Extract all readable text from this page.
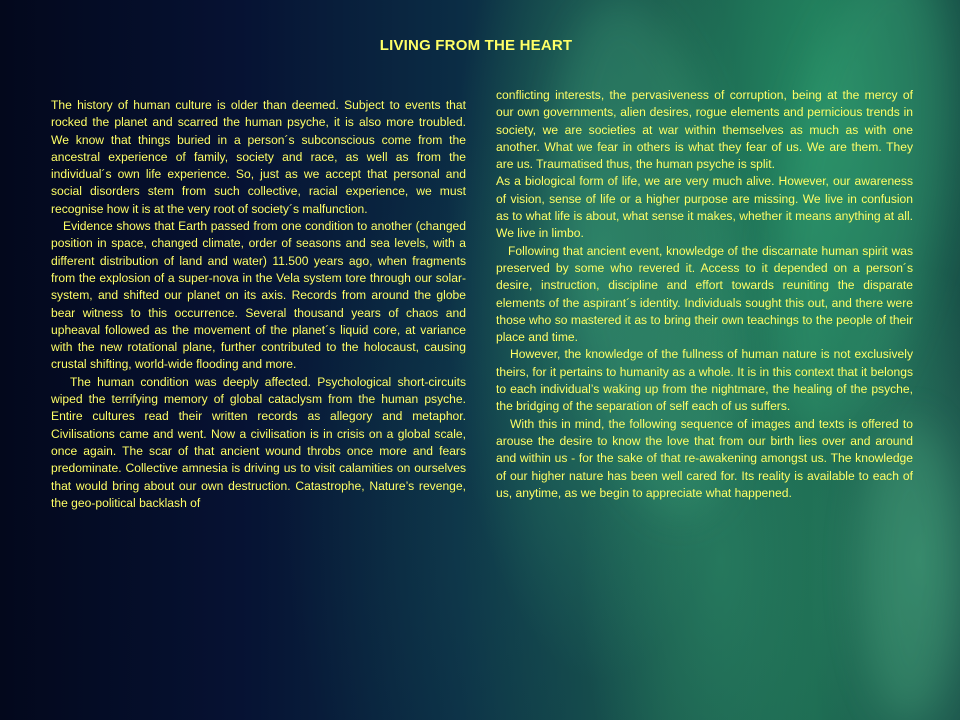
LIVING FROM THE HEART

The history of human culture is older than deemed. Subject to events that rocked the planet and scarred the human psyche, it is also more troubled. We know that things buried in a person´s subconscious come from the ancestral experience of family, society and race, as well as from the individual´s own life experience. So, just as we accept that personal and social disorders stem from such collective, racial experience, we must recognise how it is at the very root of society´s malfunction.

Evidence shows that Earth passed from one condition to another (changed position in space, changed climate, order of seasons and sea levels, with a different distribution of land and water) 11.500 years ago, when fragments from the explosion of a super-nova in the Vela system tore through our solar-system, and shifted our planet on its axis. Records from around the globe bear witness to this occurrence. Several thousand years of chaos and upheaval followed as the movement of the planet´s liquid core, at variance with the new rotational plane, further contributed to the holocaust, causing crustal shifting, world-wide flooding and more.

The human condition was deeply affected. Psychological short-circuits wiped the terrifying memory of global cataclysm from the human psyche. Entire cultures read their written records as allegory and metaphor. Civilisations came and went. Now a civilisation is in crisis on a global scale, once again. The scar of that ancient wound throbs once more and fears predominate. Collective amnesia is driving us to visit calamities on ourselves that would bring about our own destruction. Catastrophe, Nature’s revenge, the geo-political backlash of

conflicting interests, the pervasiveness of corruption, being at the mercy of our own governments, alien desires, rogue elements and pernicious trends in society, we are societies at war within themselves as much as with one another. What we fear in others is what they fear of us. We are them. They are us. Traumatised thus, the human psyche is split.

As a biological form of life, we are very much alive. However, our awareness of vision, sense of life or a higher purpose are missing. We live in confusion as to what life is about, what sense it makes, whether it means anything at all. We live in limbo.

Following that ancient event, knowledge of the discarnate human spirit was preserved by some who revered it. Access to it depended on a person´s desire, instruction, discipline and effort towards reuniting the disparate elements of the aspirant´s identity. Individuals sought this out, and there were those who so mastered it as to bring their own teachings to the people of their place and time.

However, the knowledge of the fullness of human nature is not exclusively theirs, for it pertains to humanity as a whole. It is in this context that it belongs to each individual’s waking up from the nightmare, the healing of the psyche, the bridging of the separation of self each of us suffers.

With this in mind, the following sequence of images and texts is offered to arouse the desire to know the love that from our birth lies over and around and within us - for the sake of that re-awakening amongst us. The knowledge of our higher nature has been well cared for. Its reality is available to each of us, anytime, as we begin to appreciate what happened.
